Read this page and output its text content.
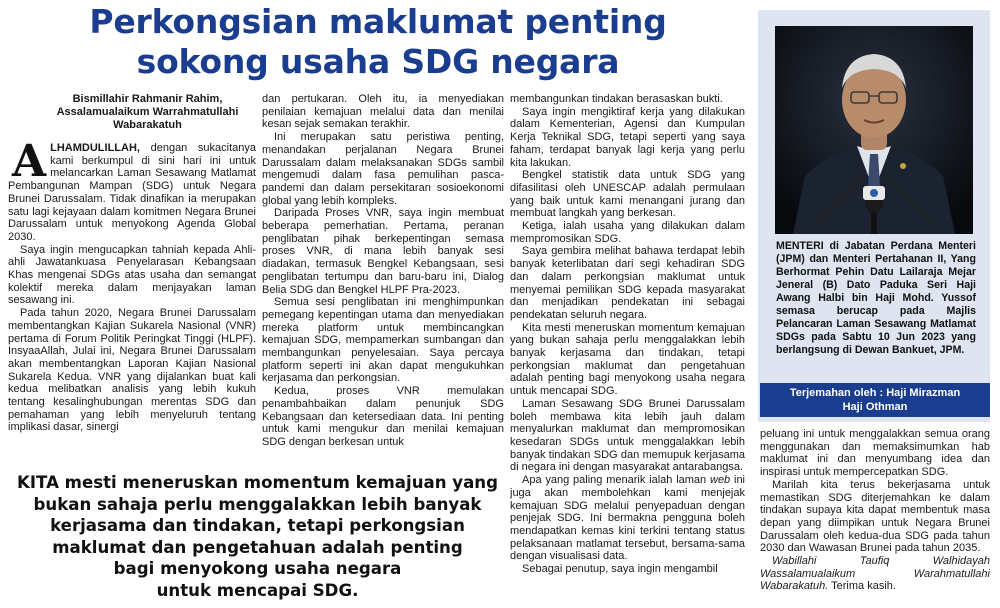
Perkongsian maklumat penting
sokong usaha SDG negara
Bismillahir Rahmanir Rahim,
Assalamualaikum Warrahmatullahi
Wabarakatuh

ALHAMDULILLAH, dengan sukacitanya kami berkumpul di sini hari ini untuk melancarkan Laman Sesawang Matlamat Pembangunan Mampan (SDG) untuk Negara Brunei Darussalam. Tidak dinafikan ia merupakan satu lagi kejayaan dalam komitmen Negara Brunei Darussalam untuk menyokong Agenda Global 2030.

Saya ingin mengucapkan tahniah kepada Ahli-ahli Jawatankuasa Penyelarasan Kebangsaan Khas mengenai SDGs atas usaha dan semangat kolektif mereka dalam menjayakan laman sesawang ini.

Pada tahun 2020, Negara Brunei Darussalam membentangkan Kajian Sukarela Nasional (VNR) pertama di Forum Politik Peringkat Tinggi (HLPF). InsyaaAllah, Julai ini, Negara Brunei Darussalam akan membentangkan Laporan Kajian Nasional Sukarela Kedua. VNR yang dijalankan buat kali kedua melibatkan analisis yang lebih kukuh tentang kesalinghubungan merentas SDG dan pemahaman yang lebih menyeluruh tentang implikasi dasar, sinergi

dan pertukaran. Oleh itu, ia menyediakan penilaian kemajuan melalui data dan menilai kesan sejak semakan terakhir.

Ini merupakan satu peristiwa penting, menandakan perjalanan Negara Brunei Darussalam dalam melaksanakan SDGs sambil mengemudi dalam fasa pemulihan pasca-pandemi dan dalam persekitaran sosioekonomi global yang lebih kompleks.

Daripada Proses VNR, saya ingin membuat beberapa pemerhatian. Pertama, peranan penglibatan pihak berkepentingan semasa proses VNR, di mana lebih banyak sesi diadakan, termasuk Bengkel Kebangsaan, sesi penglibatan tertumpu dan baru-baru ini, Dialog Belia SDG dan Bengkel HLPF Pra-2023.

Semua sesi penglibatan ini menghimpunkan pemegang kepentingan utama dan menyediakan mereka platform untuk membincangkan kemajuan SDG, mempamerkan sumbangan dan membangunkan penyelesaian. Saya percaya platform seperti ini akan dapat mengukuhkan kerjasama dan perkongsian.

Kedua, proses VNR memulakan penambahbaikan dalam penunjuk SDG Kebangsaan dan ketersediaan data. Ini penting untuk kami mengukur dan menilai kemajuan SDG dengan berkesan untuk

KITA mesti meneruskan momentum kemajuan yang
bukan sahaja perlu menggalakkan lebih banyak
kerjasama dan tindakan, tetapi perkongsian
maklumat dan pengetahuan adalah penting
bagi menyokong usaha negara
untuk mencapai SDG.

membangunkan tindakan berasaskan bukti.

Saya ingin mengiktiraf kerja yang dilakukan dalam Kementerian, Agensi dan Kumpulan Kerja Teknikal SDG, tetapi seperti yang saya faham, terdapat banyak lagi kerja yang perlu kita lakukan.

Bengkel statistik data untuk SDG yang difasilitasi oleh UNESCAP adalah permulaan yang baik untuk kami menangani jurang dan membuat langkah yang berkesan.

Ketiga, ialah usaha yang dilakukan dalam mempromosikan SDG.

Saya gembira melihat bahawa terdapat lebih banyak keterlibatan dari segi kehadiran SDG dan dalam perkongsian maklumat untuk menyemai pemilikan SDG kepada masyarakat dan menjadikan pendekatan ini sebagai pendekatan seluruh negara.

Kita mesti meneruskan momentum kemajuan yang bukan sahaja perlu menggalakkan lebih banyak kerjasama dan tindakan, tetapi perkongsian maklumat dan pengetahuan adalah penting bagi menyokong usaha negara untuk mencapai SDG.

Laman Sesawang SDG Brunei Darussalam boleh membawa kita lebih jauh dalam menyalurkan maklumat dan mempromosikan kesedaran SDGs untuk menggalakkan lebih banyak tindakan SDG dan memupuk kerjasama di negara ini dengan masyarakat antarabangsa.

Apa yang paling menarik ialah laman web ini juga akan membolehkan kami menjejak kemajuan SDG melalui penyepaduan dengan penjejak SDG. Ini bermakna pengguna boleh mendapatkan kemas kini terkini tentang status pelaksanaan matlamat tersebut, bersama-sama dengan visualisasi data.

Sebagai penutup, saya ingin mengambil

MENTERI di Jabatan Perdana Menteri (JPM) dan Menteri Pertahanan II, Yang Berhormat Pehin Datu Lailaraja Mejar Jeneral (B) Dato Paduka Seri Haji Awang Halbi bin Haji Mohd. Yussof semasa berucap pada Majlis Pelancaran Laman Sesawang Matlamat SDGs pada Sabtu 10 Jun 2023 yang berlangsung di Dewan Bankuet, JPM.
Terjemahan oleh : Haji Mirazman
Haji Othman

peluang ini untuk menggalakkan semua orang menggunakan dan memaksimumkan hab maklumat ini dan menyumbang idea dan inspirasi untuk mempercepatkan SDG.

Marilah kita terus bekerjasama untuk memastikan SDG diterjemahkan ke dalam tindakan supaya kita dapat membentuk masa depan yang diimpikan untuk Negara Brunei Darussalam oleh kedua-dua SDG pada tahun 2030 dan Wawasan Brunei pada tahun 2035.

Wabillahi Taufiq Walhidayah Wassalamualaikum Warahmatullahi Wabarakatuh. Terima kasih.
